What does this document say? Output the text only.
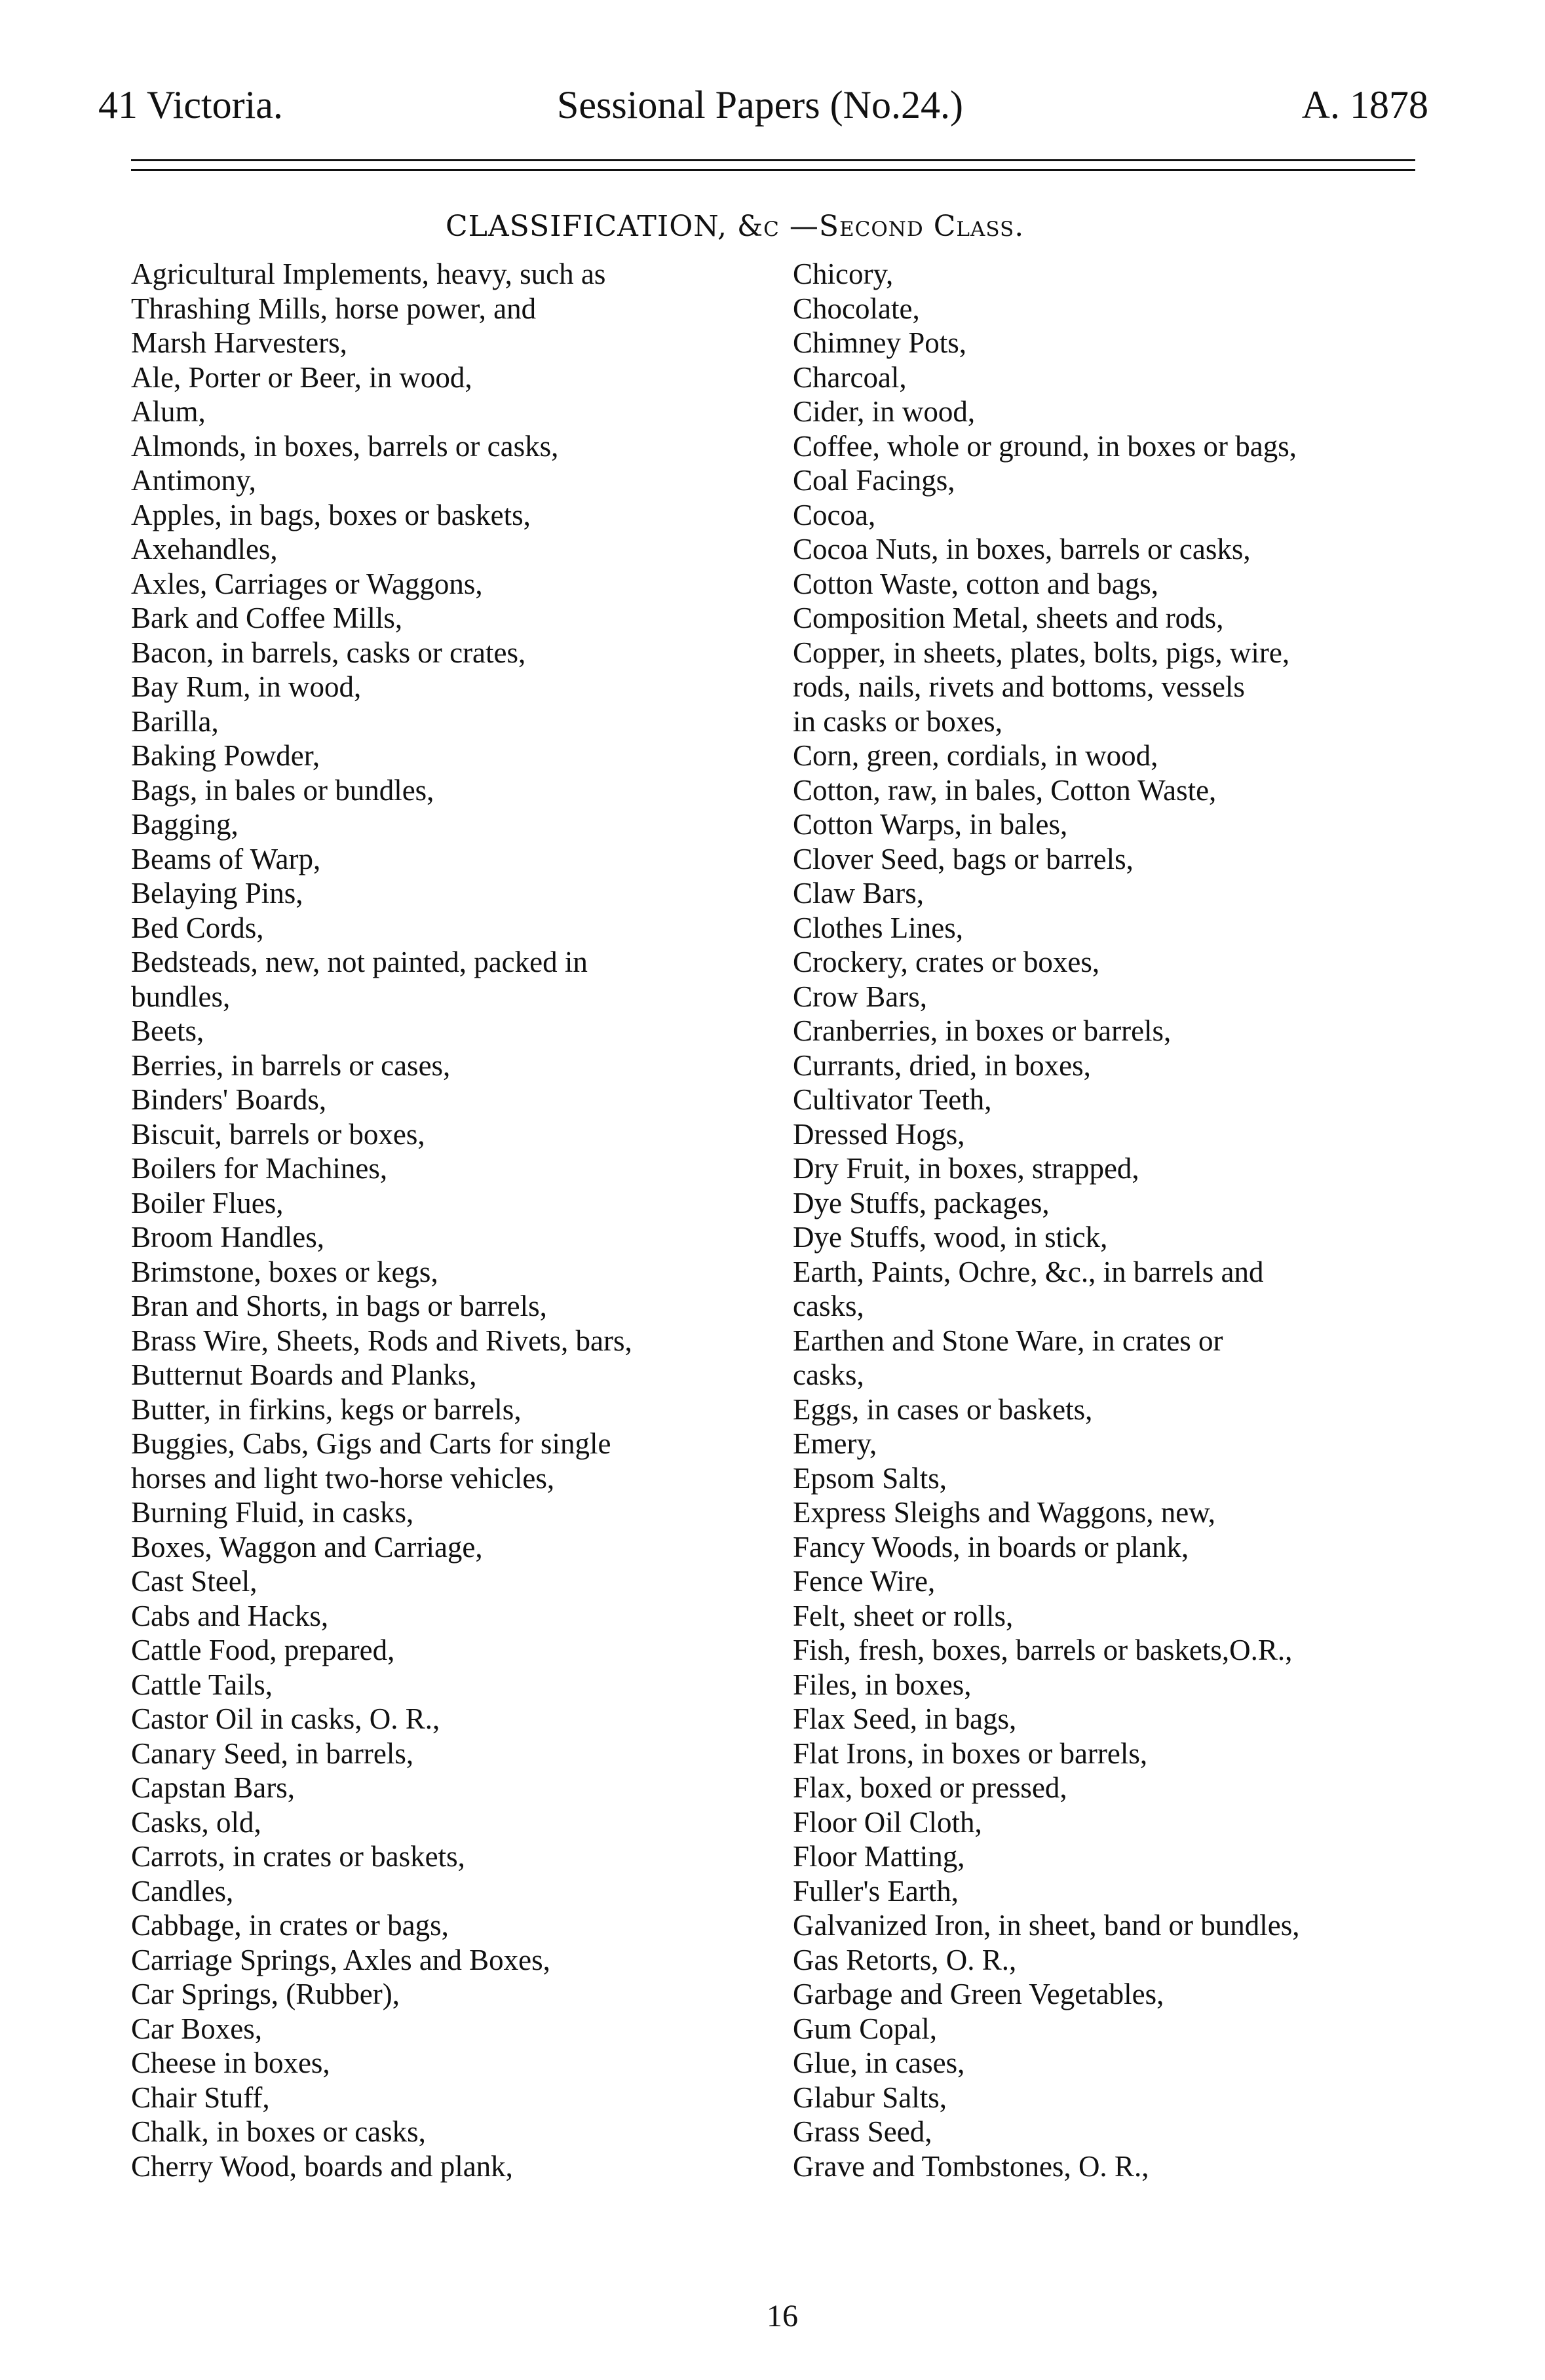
41 Victoria.	Sessional Papers (No.24.)	A. 1878
CLASSIFICATION, &c —Second Class.
Agricultural Implements, heavy, such as
Thrashing Mills, horse power, and
Marsh Harvesters,
Ale, Porter or Beer, in wood,
Alum,
Almonds, in boxes, barrels or casks,
Antimony,
Apples, in bags, boxes or baskets,
Axehandles,
Axles, Carriages or Waggons,
Bark and Coffee Mills,
Bacon, in barrels, casks or crates,
Bay Rum, in wood,
Barilla,
Baking Powder,
Bags, in bales or bundles,
Bagging,
Beams of Warp,
Belaying Pins,
Bed Cords,
Bedsteads, new, not painted, packed in
bundles,
Beets,
Berries, in barrels or cases,
Binders' Boards,
Biscuit, barrels or boxes,
Boilers for Machines,
Boiler Flues,
Broom Handles,
Brimstone, boxes or kegs,
Bran and Shorts, in bags or barrels,
Brass Wire, Sheets, Rods and Rivets, bars,
Butternut Boards and Planks,
Butter, in firkins, kegs or barrels,
Buggies, Cabs, Gigs and Carts for single
horses and light two-horse vehicles,
Burning Fluid, in casks,
Boxes, Waggon and Carriage,
Cast Steel,
Cabs and Hacks,
Cattle Food, prepared,
Cattle Tails,
Castor Oil in casks, O. R.,
Canary Seed, in barrels,
Capstan Bars,
Casks, old,
Carrots, in crates or baskets,
Candles,
Cabbage, in crates or bags,
Carriage Springs, Axles and Boxes,
Car Springs, (Rubber),
Car Boxes,
Cheese in boxes,
Chair Stuff,
Chalk, in boxes or casks,
Cherry Wood, boards and plank,
Chicory,
Chocolate,
Chimney Pots,
Charcoal,
Cider, in wood,
Coffee, whole or ground, in boxes or bags,
Coal Facings,
Cocoa,
Cocoa Nuts, in boxes, barrels or casks,
Cotton Waste, cotton and bags,
Composition Metal, sheets and rods,
Copper, in sheets, plates, bolts, pigs, wire,
rods, nails, rivets and bottoms, vessels
in casks or boxes,
Corn, green, cordials, in wood,
Cotton, raw, in bales, Cotton Waste,
Cotton Warps, in bales,
Clover Seed, bags or barrels,
Claw Bars,
Clothes Lines,
Crockery, crates or boxes,
Crow Bars,
Cranberries, in boxes or barrels,
Currants, dried, in boxes,
Cultivator Teeth,
Dressed Hogs,
Dry Fruit, in boxes, strapped,
Dye Stuffs, packages,
Dye Stuffs, wood, in stick,
Earth, Paints, Ochre, &c., in barrels and
casks,
Earthen and Stone Ware, in crates or
casks,
Eggs, in cases or baskets,
Emery,
Epsom Salts,
Express Sleighs and Waggons, new,
Fancy Woods, in boards or plank,
Fence Wire,
Felt, sheet or rolls,
Fish, fresh, boxes, barrels or baskets,O.R.,
Files, in boxes,
Flax Seed, in bags,
Flat Irons, in boxes or barrels,
Flax, boxed or pressed,
Floor Oil Cloth,
Floor Matting,
Fuller's Earth,
Galvanized Iron, in sheet, band or bundles,
Gas Retorts, O. R.,
Garbage and Green Vegetables,
Gum Copal,
Glue, in cases,
Glabur Salts,
Grass Seed,
Grave and Tombstones, O. R.,
16
